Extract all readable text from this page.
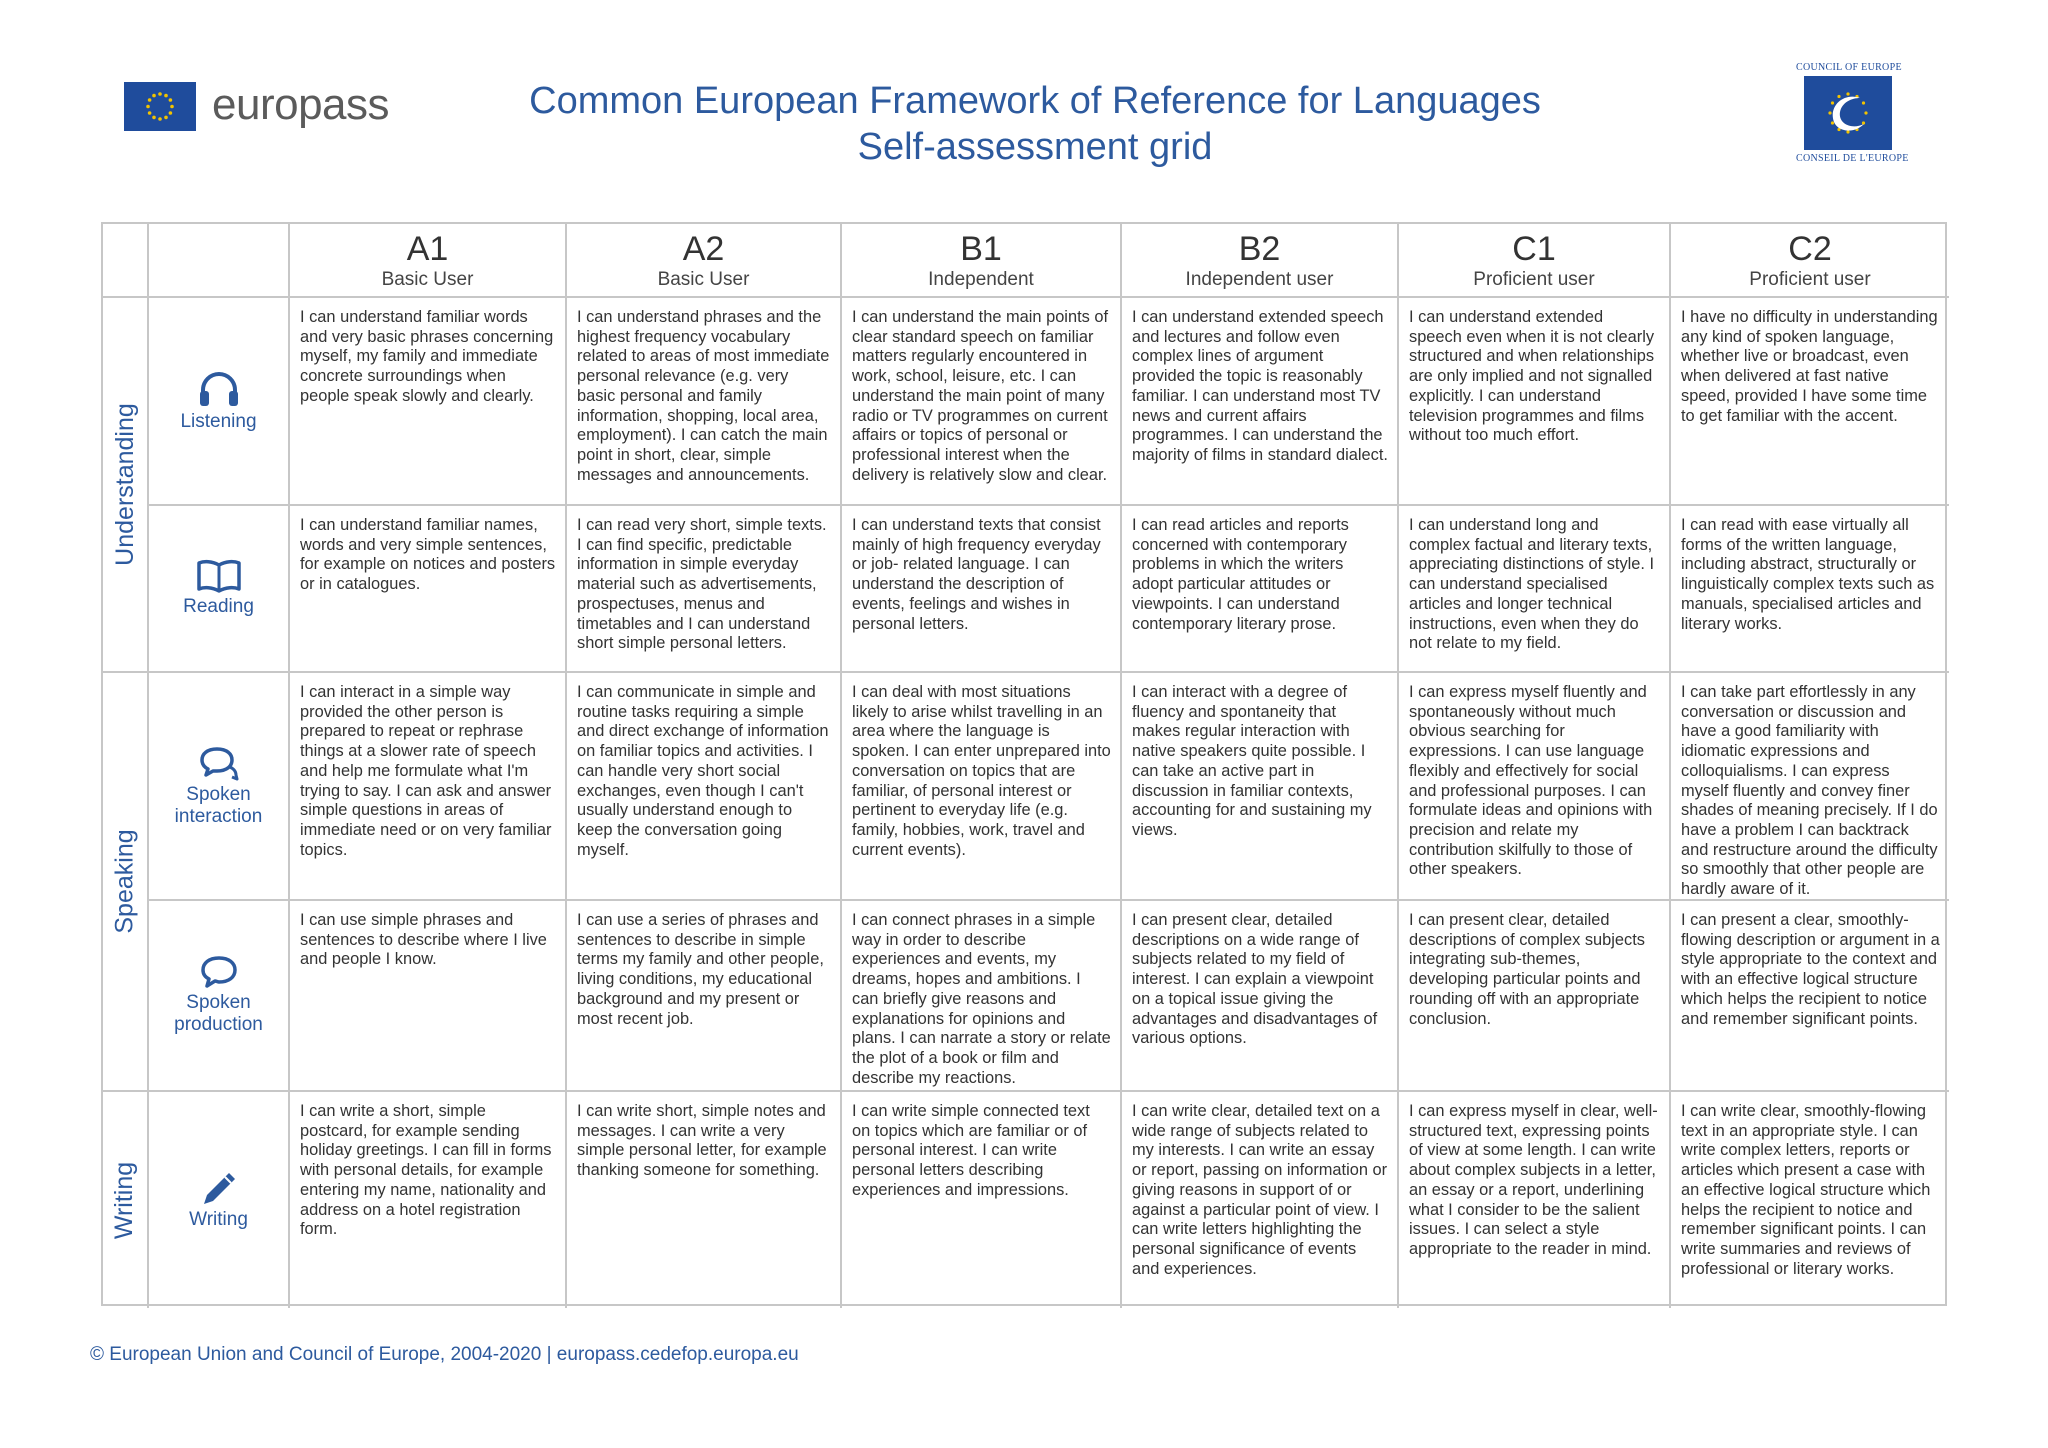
europass	Common European Framework of Reference for Languages
Self-assessment grid
COUNCIL OF EUROPE
CONSEIL DE L'EUROPE
A1
Basic User
A2
Basic User
B1
Independent
B2
Independent user
C1
Proficient user
C2
Proficient user
Understanding
Speaking
Writing
Listening
Reading
Spoken interaction
Spoken production
Writing
I can understand familiar words and very basic phrases concerning myself, my family and immediate concrete surroundings when people speak slowly and clearly.
I can understand phrases and the highest frequency vocabulary related to areas of most immediate personal relevance (e.g. very basic personal and family information, shopping, local area, employment). I can catch the main point in short, clear, simple messages and announcements.
I can understand the main points of clear standard speech on familiar matters regularly encountered in work, school, leisure, etc. I can understand the main point of many radio or TV programmes on current affairs or topics of personal or professional interest when the delivery is relatively slow and clear.
I can understand extended speech and lectures and follow even complex lines of argument provided the topic is reasonably familiar. I can understand most TV news and current affairs programmes. I can understand the majority of films in standard dialect.
I can understand extended speech even when it is not clearly structured and when relationships are only implied and not signalled explicitly. I can understand television programmes and films without too much effort.
I have no difficulty in understanding any kind of spoken language, whether live or broadcast, even when delivered at fast native speed, provided I have some time to get familiar with the accent.
I can understand familiar names, words and very simple sentences, for example on notices and posters or in catalogues.
I can read very short, simple texts. I can find specific, predictable information in simple everyday material such as advertisements, prospectuses, menus and timetables and I can understand short simple personal letters.
I can understand texts that consist mainly of high frequency everyday or job- related language. I can understand the description of events, feelings and wishes in personal letters.
I can read articles and reports concerned with contemporary problems in which the writers adopt particular attitudes or viewpoints. I can understand contemporary literary prose.
I can understand long and complex factual and literary texts, appreciating distinctions of style. I can understand specialised articles and longer technical instructions, even when they do not relate to my field.
I can read with ease virtually all forms of the written language, including abstract, structurally or linguistically complex texts such as manuals, specialised articles and literary works.
I can interact in a simple way provided the other person is prepared to repeat or rephrase things at a slower rate of speech and help me formulate what I'm trying to say. I can ask and answer simple questions in areas of immediate need or on very familiar topics.
I can communicate in simple and routine tasks requiring a simple and direct exchange of information on familiar topics and activities. I can handle very short social exchanges, even though I can't usually understand enough to keep the conversation going myself.
I can deal with most situations likely to arise whilst travelling in an area where the language is spoken. I can enter unprepared into conversation on topics that are familiar, of personal interest or pertinent to everyday life (e.g. family, hobbies, work, travel and current events).
I can interact with a degree of fluency and spontaneity that makes regular interaction with native speakers quite possible. I can take an active part in discussion in familiar contexts, accounting for and sustaining my views.
I can express myself fluently and spontaneously without much obvious searching for expressions. I can use language flexibly and effectively for social and professional purposes. I can formulate ideas and opinions with precision and relate my contribution skilfully to those of other speakers.
I can take part effortlessly in any conversation or discussion and have a good familiarity with idiomatic expressions and colloquialisms. I can express myself fluently and convey finer shades of meaning precisely. If I do have a problem I can backtrack and restructure around the difficulty so smoothly that other people are hardly aware of it.
I can use simple phrases and sentences to describe where I live and people I know.
I can use a series of phrases and sentences to describe in simple terms my family and other people, living conditions, my educational background and my present or most recent job.
I can connect phrases in a simple way in order to describe experiences and events, my dreams, hopes and ambitions. I can briefly give reasons and explanations for opinions and plans. I can narrate a story or relate the plot of a book or film and describe my reactions.
I can present clear, detailed descriptions on a wide range of subjects related to my field of interest. I can explain a viewpoint on a topical issue giving the advantages and disadvantages of various options.
I can present clear, detailed descriptions of complex subjects integrating sub-themes, developing particular points and rounding off with an appropriate conclusion.
I can present a clear, smoothly-flowing description or argument in a style appropriate to the context and with an effective logical structure which helps the recipient to notice and remember significant points.
I can write a short, simple postcard, for example sending holiday greetings. I can fill in forms with personal details, for example entering my name, nationality and address on a hotel registration form.
I can write short, simple notes and messages. I can write a very simple personal letter, for example thanking someone for something.
I can write simple connected text on topics which are familiar or of personal interest. I can write personal letters describing experiences and impressions.
I can write clear, detailed text on a wide range of subjects related to my interests. I can write an essay or report, passing on information or giving reasons in support of or against a particular point of view. I can write letters highlighting the personal significance of events and experiences.
I can express myself in clear, well- structured text, expressing points of view at some length. I can write about complex subjects in a letter, an essay or a report, underlining what I consider to be the salient issues. I can select a style appropriate to the reader in mind.
I can write clear, smoothly-flowing text in an appropriate style. I can write complex letters, reports or articles which present a case with an effective logical structure which helps the recipient to notice and remember significant points. I can write summaries and reviews of professional or literary works.
© European Union and Council of Europe, 2004-2020 | europass.cedefop.europa.eu
